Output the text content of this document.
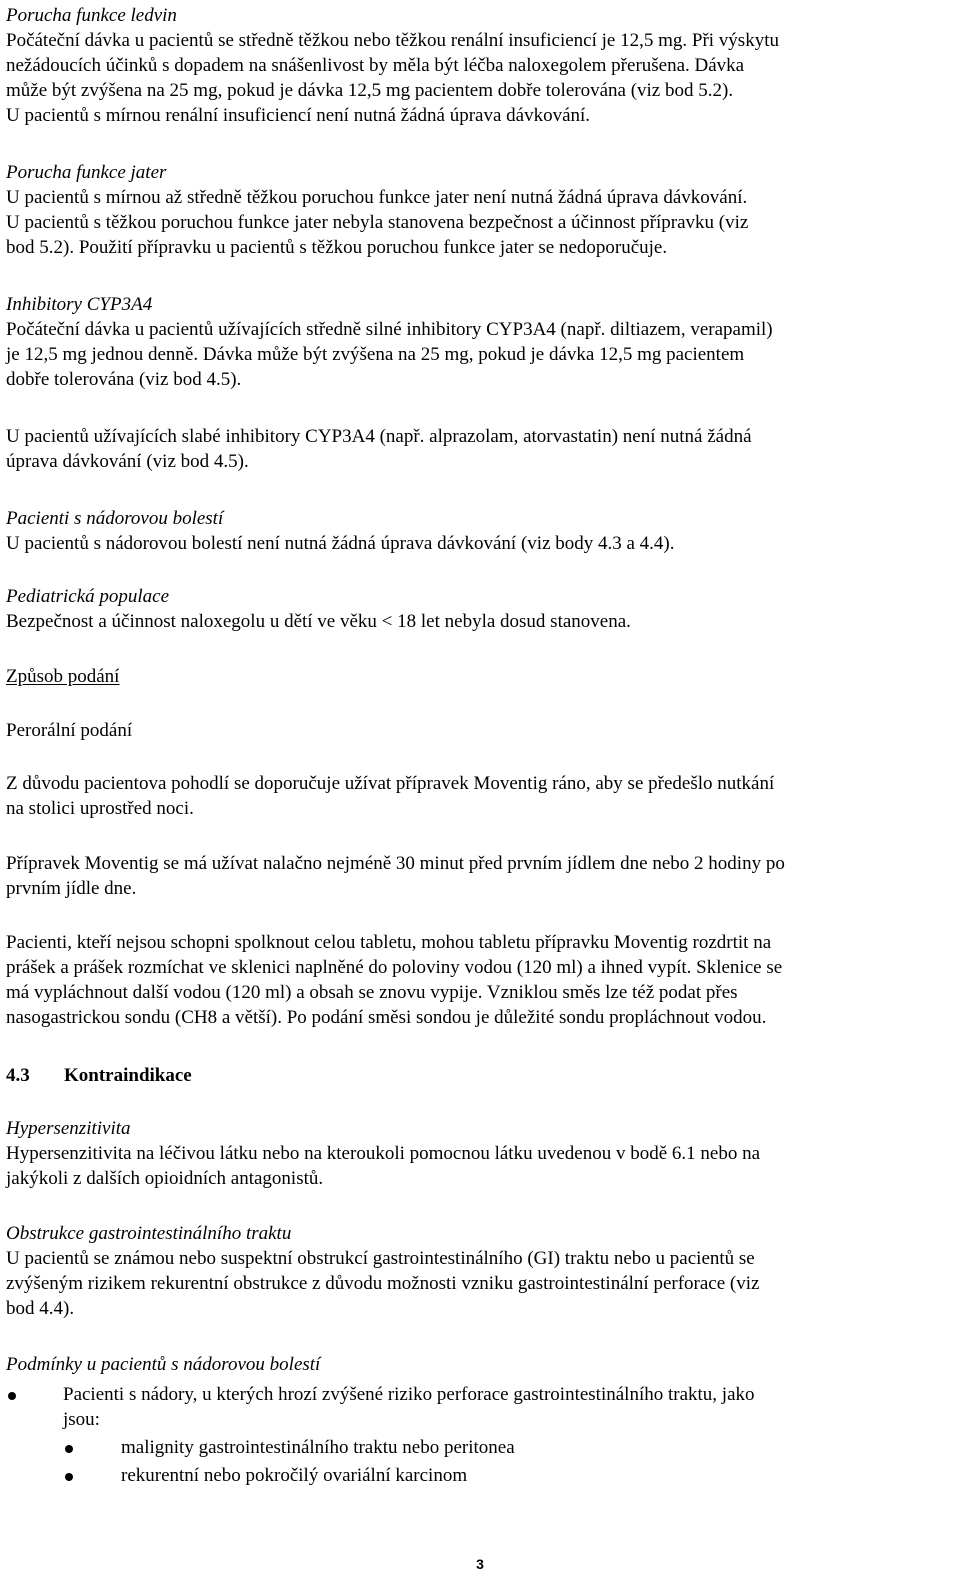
Porucha funkce ledvin
Počáteční dávka u pacientů se středně těžkou nebo těžkou renální insuficiencí je 12,5 mg. Při výskytu
nežádoucích účinků s dopadem na snášenlivost by měla být léčba naloxegolem přerušena. Dávka
může být zvýšena na 25 mg, pokud je dávka 12,5 mg pacientem dobře tolerována (viz bod 5.2).
U pacientů s mírnou renální insuficiencí není nutná žádná úprava dávkování.
Porucha funkce jater
U pacientů s mírnou až středně těžkou poruchou funkce jater není nutná žádná úprava dávkování.
U pacientů s těžkou poruchou funkce jater nebyla stanovena bezpečnost a účinnost přípravku (viz
bod 5.2). Použití přípravku u pacientů s těžkou poruchou funkce jater se nedoporučuje.
Inhibitory CYP3A4
Počáteční dávka u pacientů užívajících středně silné inhibitory CYP3A4 (např. diltiazem, verapamil)
je 12,5 mg jednou denně. Dávka může být zvýšena na 25 mg, pokud je dávka 12,5 mg pacientem
dobře tolerována (viz bod 4.5).
U pacientů užívajících slabé inhibitory CYP3A4 (např. alprazolam, atorvastatin) není nutná žádná
úprava dávkování (viz bod 4.5).
Pacienti s nádorovou bolestí
U pacientů s nádorovou bolestí není nutná žádná úprava dávkování (viz body 4.3 a 4.4).
Pediatrická populace
Bezpečnost a účinnost naloxegolu u dětí ve věku < 18 let nebyla dosud stanovena.
Způsob podání
Perorální podání
Z důvodu pacientova pohodlí se doporučuje užívat přípravek Moventig ráno, aby se předešlo nutkání
na stolici uprostřed noci.
Přípravek Moventig se má užívat nalačno nejméně 30 minut před prvním jídlem dne nebo 2 hodiny po
prvním jídle dne.
Pacienti, kteří nejsou schopni spolknout celou tabletu, mohou tabletu přípravku Moventig rozdrtit na
prášek a prášek rozmíchat ve sklenici naplněné do poloviny vodou (120 ml) a ihned vypít. Sklenice se
má vypláchnout další vodou (120 ml) a obsah se znovu vypije. Vzniklou směs lze též podat přes
nasogastrickou sondu (CH8 a větší). Po podání směsi sondou je důležité sondu propláchnout vodou.
4.3 Kontraindikace
Hypersenzitivita
Hypersenzitivita na léčivou látku nebo na kteroukoli pomocnou látku uvedenou v bodě 6.1 nebo na
jakýkoli z dalších opioidních antagonistů.
Obstrukce gastrointestinálního traktu
U pacientů se známou nebo suspektní obstrukcí gastrointestinálního (GI) traktu nebo u pacientů se
zvýšeným rizikem rekurentní obstrukce z důvodu možnosti vzniku gastrointestinální perforace (viz
bod 4.4).
Podmínky u pacientů s nádorovou bolestí
Pacienti s nádory, u kterých hrozí zvýšené riziko perforace gastrointestinálního traktu, jako
jsou:
malignity gastrointestinálního traktu nebo peritonea
rekurentní nebo pokročilý ovariální karcinom
3
